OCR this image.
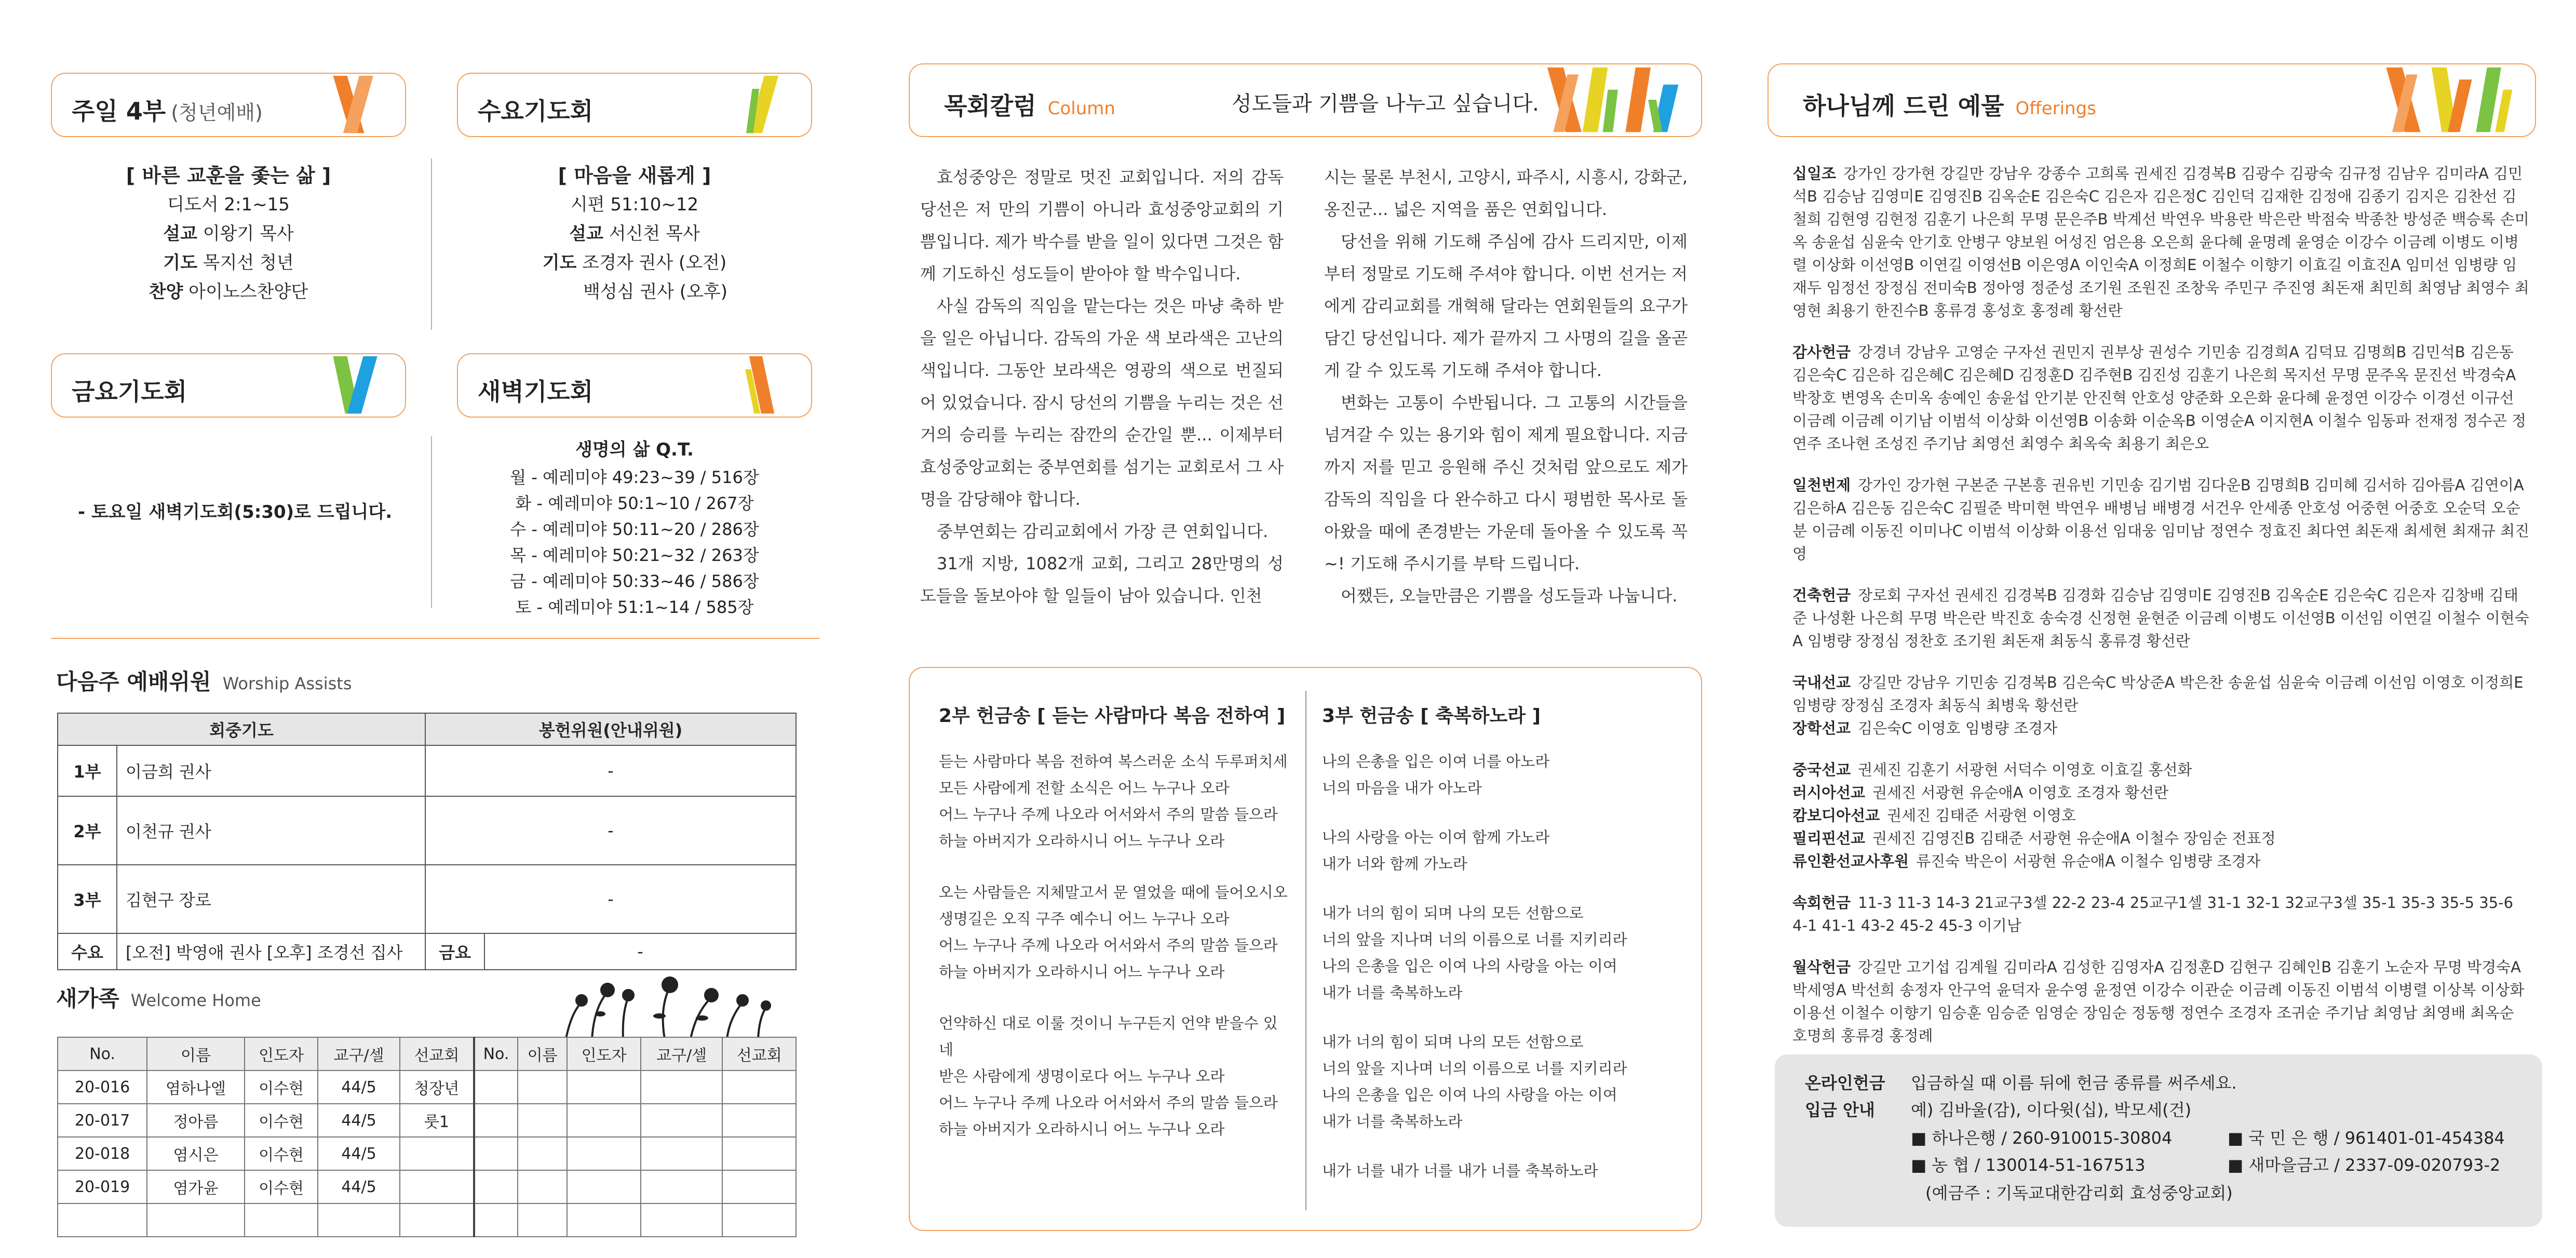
주일 4부 (청년예배)	수요기도회
[ 바른 교훈을 좇는 삶 ]
디도서 2:1~15
설교 이왕기 목사
기도 목지선 청년
찬양 아이노스찬양단
[ 마음을 새롭게 ]
시편 51:10~12
설교 서신천 목사
기도 조경자 권사 (오전)
백성심 권사 (오후)
금요기도회	새벽기도회
- 토요일 새벽기도회(5:30)로 드립니다.
생명의 삶 Q.T.
월 - 예레미야 49:23~39 / 516장
화 - 예레미야 50:1~10 / 267장
수 - 예레미야 50:11~20 / 286장
목 - 예레미야 50:21~32 / 263장
금 - 예레미야 50:33~46 / 586장
토 - 예레미야 51:1~14 / 585장
다음주 예배위원 Worship Assists
회중기도		봉헌위원(안내위원)	
1부	이금희 권사	-	
2부	이천규 권사	-	
3부	김현구 장로	-	
수요	[오전] 박영애 권사 [오후] 조경선 집사	금요	-
새가족 Welcome Home
No.	이름	인도자	교구/셀	선교회	No.	이름	인도자	교구/셀	선교회
20-016	염하나엘	이수현	44/5	청장년					
20-017	정아름	이수현	44/5	룻1					
20-018	염시은	이수현	44/5						
20-019	염가윤	이수현	44/5						

목회칼럼 Column	성도들과 기쁨을 나누고 싶습니다.
효성중앙은 정말로 멋진 교회입니다. 저의 감독 당선은 저 만의 기쁨이 아니라 효성중앙교회의 기쁨입니다. 제가 박수를 받을 일이 있다면 그것은 함께 기도하신 성도들이 받아야 할 박수입니다.
사실 감독의 직임을 맡는다는 것은 마냥 축하 받을 일은 아닙니다. 감독의 가운 색 보라색은 고난의 색입니다. 그동안 보라색은 영광의 색으로 번질되어 있었습니다. 잠시 당선의 기쁨을 누리는 것은 선거의 승리를 누리는 잠깐의 순간일 뿐... 이제부터 효성중앙교회는 중부연회를 섬기는 교회로서 그 사명을 감당해야 합니다.
중부연회는 감리교회에서 가장 큰 연회입니다.
31개 지방, 1082개 교회, 그리고 28만명의 성도들을 돌보아야 할 일들이 남아 있습니다. 인천
시는 물론 부천시, 고양시, 파주시, 시흥시, 강화군, 옹진군... 넓은 지역을 품은 연회입니다.
당선을 위해 기도해 주심에 감사 드리지만, 이제부터 정말로 기도해 주셔야 합니다. 이번 선거는 저에게 감리교회를 개혁해 달라는 연회원들의 요구가 담긴 당선입니다. 제가 끝까지 그 사명의 길을 올곧게 갈 수 있도록 기도해 주셔야 합니다.
변화는 고통이 수반됩니다. 그 고통의 시간들을 넘겨갈 수 있는 용기와 힘이 제게 필요합니다. 지금까지 저를 믿고 응원해 주신 것처럼 앞으로도 제가 감독의 직임을 다 완수하고 다시 평범한 목사로 돌아왔을 때에 존경받는 가운데 돌아올 수 있도록 꼭~! 기도해 주시기를 부탁 드립니다.
어쨌든, 오늘만큼은 기쁨을 성도들과 나눕니다.
2부 헌금송 [ 듣는 사람마다 복음 전하여 ]
듣는 사람마다 복음 전하여 복스러운 소식 두루퍼치세
모든 사람에게 전할 소식은 어느 누구나 오라
어느 누구나 주께 나오라 어서와서 주의 말씀 들으라
하늘 아버지가 오라하시니 어느 누구나 오라
오는 사람들은 지체말고서 문 열었을 때에 들어오시오
생명길은 오직 구주 예수니 어느 누구나 오라
어느 누구나 주께 나오라 어서와서 주의 말씀 들으라
하늘 아버지가 오라하시니 어느 누구나 오라
언약하신 대로 이룰 것이니 누구든지 언약 받을수 있네
받은 사람에게 생명이로다 어느 누구나 오라
어느 누구나 주께 나오라 어서와서 주의 말씀 들으라
하늘 아버지가 오라하시니 어느 누구나 오라
3부 헌금송 [ 축복하노라 ]
나의 은총을 입은 이여 너를 아노라
너의 마음을 내가 아노라
나의 사랑을 아는 이여 함께 가노라
내가 너와 함께 가노라
내가 너의 힘이 되며 나의 모든 선함으로
너의 앞을 지나며 너의 이름으로 너를 지키리라
나의 은총을 입은 이여 나의 사랑을 아는 이여
내가 너를 축복하노라
내가 너의 힘이 되며 나의 모든 선함으로
너의 앞을 지나며 너의 이름으로 너를 지키리라
나의 은총을 입은 이여 나의 사랑을 아는 이여
내가 너를 축복하노라
내가 너를 내가 너를 내가 너를 축복하노라
하나님께 드린 예물 Offerings
십일조 강가인 강가현 강길만 강남우 강종수 고희록 권세진 김경복B 김광수 김광숙 김규정 김남우 김미라A 김민석B 김승남 김영미E 김영진B 김옥순E 김은숙C 김은자 김은정C 김인덕 김재한 김정애 김종기 김지은 김찬선 김철희 김현영 김현정 김훈기 나은희 무명 문은주B 박계선 박연우 박용란 박은란 박점숙 박종찬 방성준 백승록 손미옥 송윤섭 심윤숙 안기호 안병구 양보원 어성진 엄은용 오은희 윤다혜 윤명례 윤영순 이강수 이금례 이병도 이병렬 이상화 이선영B 이연길 이영선B 이은영A 이인숙A 이정희E 이철수 이향기 이효길 이효진A 임미선 임병량 임재두 임정선 장정심 전미숙B 정아영 정준성 조기원 조원진 조창욱 주민구 주진영 최돈재 최민희 최영남 최영수 최영현 최용기 한진수B 홍류경 홍성호 홍정례 황선란
감사헌금 강경녀 강남우 고영순 구자선 권민지 권부상 권성수 기민송 김경희A 김덕묘 김명희B 김민석B 김은동 김은숙C 김은하 김은혜C 김은혜D 김정훈D 김주현B 김진성 김훈기 나은희 목지선 무명 문주옥 문진선 박경숙A 박창호 변영옥 손미옥 송예인 송윤섭 안기분 안진혁 안호성 양준화 오은화 윤다혜 윤정연 이강수 이경선 이규선 이금례 이금례 이기남 이범석 이상화 이선영B 이송화 이순옥B 이영순A 이지현A 이철수 임동파 전재정 정수곤 정연주 조나현 조성진 주기남 최영선 최영수 최옥숙 최용기 최은오
일천번제 강가인 강가현 구본준 구본흥 권유빈 기민송 김기범 김다운B 김명희B 김미혜 김서하 김아름A 김연이A 김은하A 김은동 김은숙C 김필준 박미현 박연우 배병님 배병경 서건우 안세종 안호성 어중현 어중호 오순덕 오순분 이금례 이동진 이미나C 이범석 이상화 이용선 임대웅 임미남 정연수 정효진 최다연 최돈재 최세현 최재규 최진영
건축헌금 장로회 구자선 권세진 김경복B 김경화 김승남 김영미E 김영진B 김옥순E 김은숙C 김은자 김창배 김태준 나성환 나은희 무명 박은란 박진호 송숙경 신정현 윤현준 이금례 이병도 이선영B 이선임 이연길 이철수 이현숙A 임병량 장정심 정찬호 조기원 최돈재 최동식 홍류경 황선란
국내선교 강길만 강남우 기민송 김경복B 김은숙C 박상준A 박은찬 송윤섭 심윤숙 이금례 이선임 이영호 이정희E 임병량 장정심 조경자 최동식 최병욱 황선란
장학선교 김은숙C 이영호 임병량 조경자
중국선교 권세진 김훈기 서광현 서덕수 이영호 이효길 홍선화
러시아선교 권세진 서광현 유순애A 이영호 조경자 황선란
캄보디아선교 권세진 김태준 서광현 이영호
필리핀선교 권세진 김영진B 김태준 서광현 유순애A 이철수 장임순 전표정
류인환선교사후원 류진숙 박은이 서광현 유순애A 이철수 임병량 조경자
속회헌금 11-3 11-3 14-3 21교구3셀 22-2 23-4 25교구1셀 31-1 32-1 32교구3셀 35-1 35-3 35-5 35-6 4-1 41-1 43-2 45-2 45-3 이기남
월삭헌금 강길만 고기섭 김계월 김미라A 김성한 김영자A 김정훈D 김현구 김혜인B 김훈기 노순자 무명 박경숙A 박세영A 박선희 송정자 안구억 윤덕자 윤수영 윤정연 이강수 이관순 이금례 이동진 이범석 이병렬 이상복 이상화 이용선 이철수 이향기 임승훈 임승준 임영순 장임순 정동행 정연수 조경자 조귀순 주기남 최영남 최영배 최옥순 호명희 홍류경 홍정례
온라인헌금 입금하실 때 이름 뒤에 헌금 종류를 써주세요.
입금 안내 예) 김바울(감), 이다윗(십), 박모세(건)
■ 하나은행 / 260-910015-30804	■ 국 민 은 행 / 961401-01-454384
■ 농 협 / 130014-51-167513	■ 새마을금고 / 2337-09-020793-2
(예금주 : 기독교대한감리회 효성중앙교회)
